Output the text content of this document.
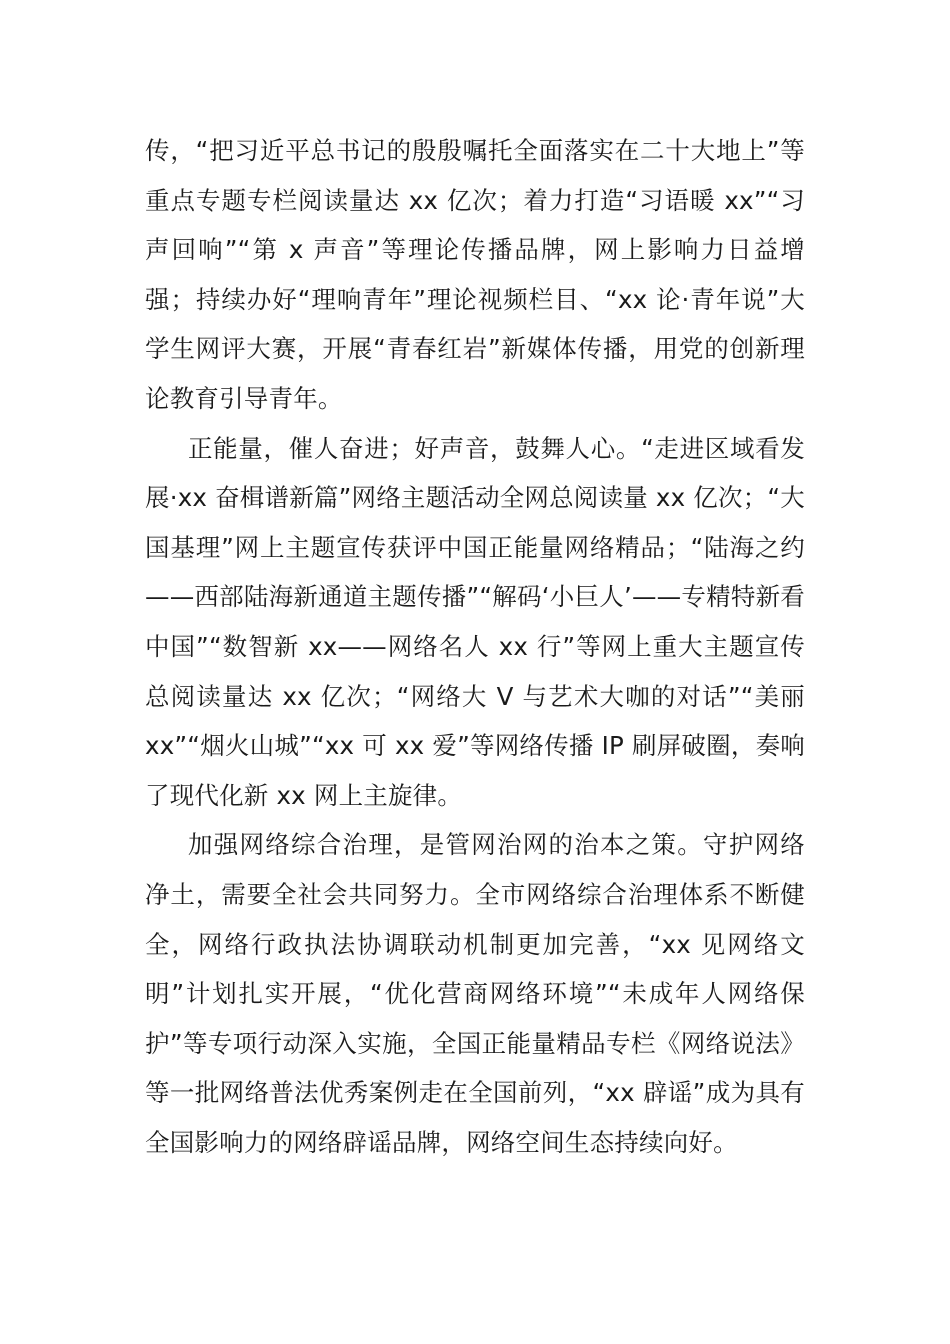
传，“把习近平总书记的殷殷嘱托全面落实在二十大地上”等重点专题专栏阅读量达 xx 亿次；着力打造“习语暖 xx”“习声回响”“第 x 声音”等理论传播品牌，网上影响力日益增强；持续办好“理响青年”理论视频栏目、“xx 论·青年说”大学生网评大赛，开展“青春红岩”新媒体传播，用党的创新理论教育引导青年。

正能量，催人奋进；好声音，鼓舞人心。“走进区域看发展·xx 奋楫谱新篇”网络主题活动全网总阅读量 xx 亿次；“大国基理”网上主题宣传获评中国正能量网络精品；“陆海之约——西部陆海新通道主题传播”“解码‘小巨人’——专精特新看中国”“数智新 xx——网络名人 xx 行”等网上重大主题宣传总阅读量达 xx 亿次；“网络大 V 与艺术大咖的对话”“美丽 xx”“烟火山城”“xx 可 xx 爱”等网络传播 IP 刷屏破圈，奏响了现代化新 xx 网上主旋律。

加强网络综合治理，是管网治网的治本之策。守护网络净土，需要全社会共同努力。全市网络综合治理体系不断健全，网络行政执法协调联动机制更加完善，“xx 见网络文明”计划扎实开展，“优化营商网络环境”“未成年人网络保护”等专项行动深入实施，全国正能量精品专栏《网络说法》等一批网络普法优秀案例走在全国前列，“xx 辟谣”成为具有全国影响力的网络辟谣品牌，网络空间生态持续向好。
